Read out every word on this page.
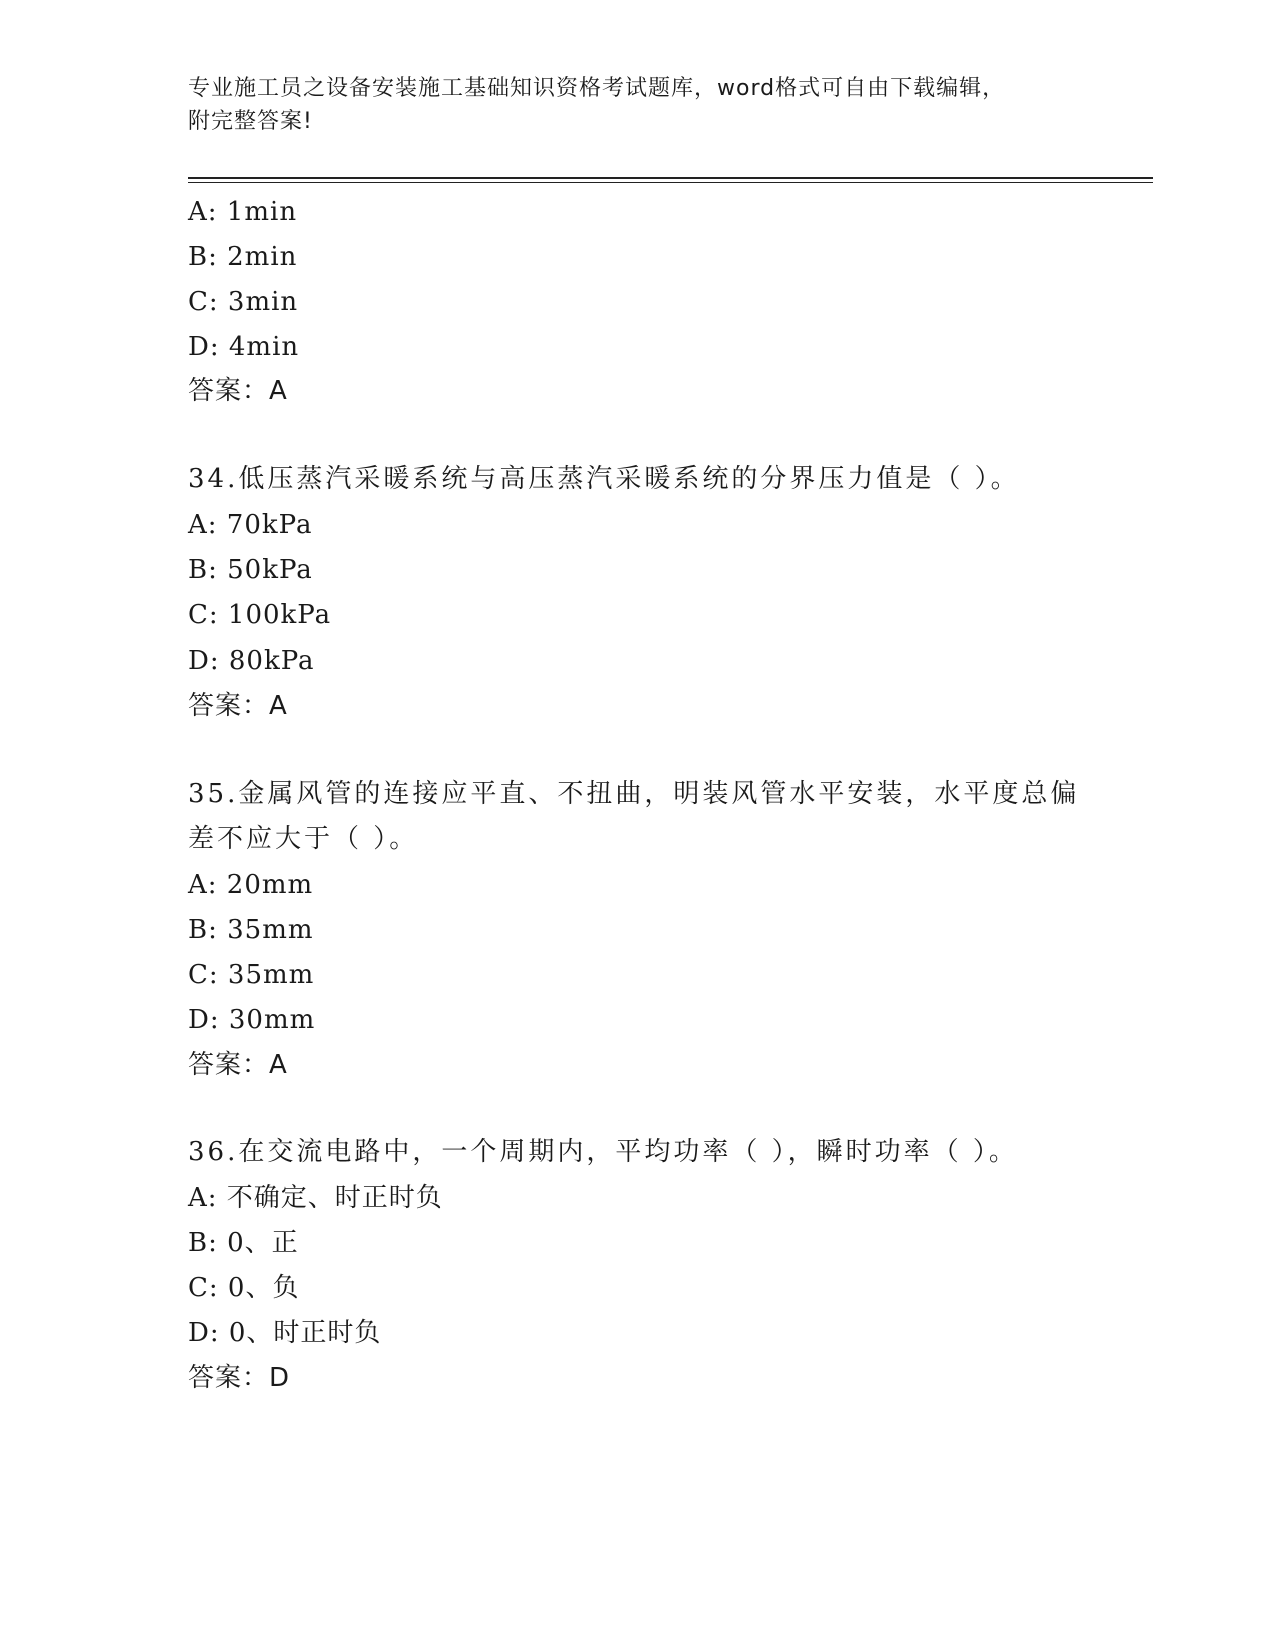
专业施工员之设备安装施工基础知识资格考试题库，word格式可自由下载编辑，
附完整答案!
A: 1min
B: 2min
C: 3min
D: 4min
答案：A
34.低压蒸汽采暖系统与高压蒸汽采暖系统的分界压力值是（ ）。
A: 70kPa
B: 50kPa
C: 100kPa
D: 80kPa
答案：A
35.金属风管的连接应平直、不扭曲，明装风管水平安装，水平度总偏
差不应大于（ ）。
A: 20mm
B: 35mm
C: 35mm
D: 30mm
答案：A
36.在交流电路中，一个周期内，平均功率（ ），瞬时功率（ ）。
A: 不确定、时正时负
B: 0、正
C: 0、负
D: 0、时正时负
答案：D
